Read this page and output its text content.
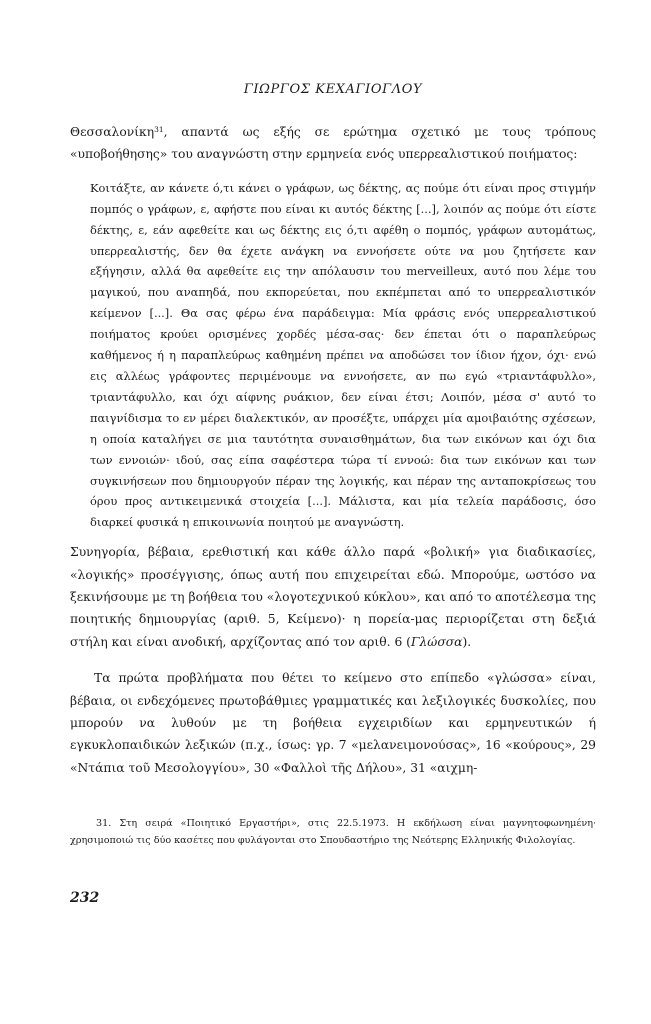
ΓΙΩΡΓΟΣ ΚΕΧΑΓΙΟΓΛΟΥ

Θεσσαλονίκη$^{31}$, απαντά ως εξής σε ερώτημα σχετικό με τους τρόπους «υποβοήθησης» του αναγνώστη στην ερμηνεία ενός υπερρεαλιστικού ποιήματος:

Κοιτάξτε, αν κάνετε ό,τι κάνει ο γράφων, ως δέκτης, ας πούμε ότι είναι προς στιγμήν πομπός ο γράφων, ε, αφήστε που είναι κι αυτός δέκτης [...], λοιπόν ας πούμε ότι είστε δέκτης, ε, εάν αφεθείτε και ως δέκτης εις ό,τι αφέθη ο πομπός, γράφων αυτομάτως, υπερρεαλιστής, δεν θα έχετε ανάγκη να εννοήσετε ούτε να μου ζητήσετε καν εξήγησιν, αλλά θα αφεθείτε εις την απόλαυσιν του merveilleux, αυτό που λέμε του μαγικού, που αναπηδά, που εκπορεύεται, που εκπέμπεται από το υπερρεαλιστικόν κείμενον [...]. Θα σας φέρω ένα παράδειγμα: Μία φράσις ενός υπερρεαλιστικού ποιήματος κρούει ορισμένες χορδές μέσα-σας· δεν έπεται ότι ο παραπλεύρως καθήμενος ή η παραπλεύρως καθημένη πρέπει να αποδώσει τον ίδιον ήχον, όχι· ενώ εις αλλέως γράφοντες περιμένουμε να εννοήσετε, αν πω εγώ «τριαντάφυλλο», τριαντάφυλλο, και όχι αίφνης ρυάκιον, δεν είναι έτσι; Λοιπόν, μέσα σ' αυτό το παιγνίδισμα το εν μέρει διαλεκτικόν, αν προσέξτε, υπάρχει μία αμοιβαιότης σχέσεων, η οποία καταλήγει σε μια ταυτότητα συναισθημάτων, δια των εικόνων και όχι δια των εννοιών· ιδού, σας είπα σαφέστερα τώρα τί εννοώ: δια των εικόνων και των συγκινήσεων που δημιουργούν πέραν της λογικής, και πέραν της ανταποκρίσεως του όρου προς αντικειμενικά στοιχεία [...]. Μάλιστα, και μία τελεία παράδοσις, όσο διαρκεί φυσικά η επικοινωνία ποιητού με αναγνώστη.

Συνηγορία, βέβαια, ερεθιστική και κάθε άλλο παρά «βολική» για διαδικασίες, «λογικής» προσέγγισης, όπως αυτή που επιχειρείται εδώ. Μπορούμε, ωστόσο να ξεκινήσουμε με τη βοήθεια του «λογοτεχνικού κύκλου», και από το αποτέλεσμα της ποιητικής δημιουργίας (αριθ. 5, Κείμενο)· η πορεία-μας περιορίζεται στη δεξιά στήλη και είναι ανοδική, αρχίζοντας από τον αριθ. 6 (Γλώσσα).

Τα πρώτα προβλήματα που θέτει το κείμενο στο επίπεδο «γλώσσα» είναι, βέβαια, οι ενδεχόμενες πρωτοβάθμιες γραμματικές και λεξιλογικές δυσκολίες, που μπορούν να λυθούν με τη βοήθεια εγχειριδίων και ερμηνευτικών ή εγκυκλοπαιδικών λεξικών (π.χ., ίσως: γρ. 7 «μελανειμονούσας», 16 «κούρους», 29 «Ντάπια τοῦ Μεσολογγίου», 30 «Φαλλοὶ τῆς Δήλου», 31 «αιχμη-

31. Στη σειρά «Ποιητικό Εργαστήρι», στις 22.5.1973. Η εκδήλωση είναι μαγνητοφωνημένη· χρησιμοποιώ τις δύο κασέτες που φυλάγονται στο Σπουδαστήριο της Νεότερης Ελληνικής Φιλολογίας.

232
